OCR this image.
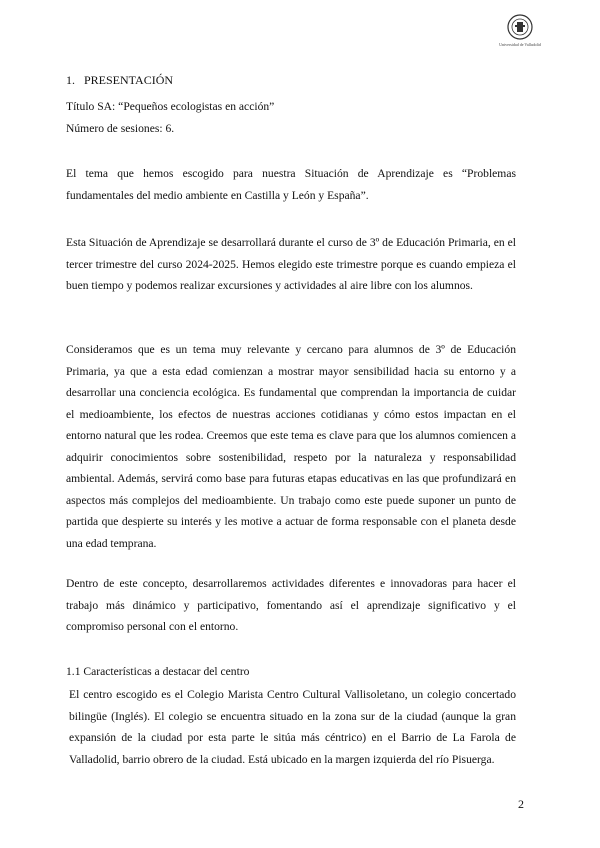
Universidad de Valladolid
1. PRESENTACIÓN
Título SA: “Pequeños ecologistas en acción”
Número de sesiones: 6.

El tema que hemos escogido para nuestra Situación de Aprendizaje es “Problemas fundamentales del medio ambiente en Castilla y León y España”.

Esta Situación de Aprendizaje se desarrollará durante el curso de 3º de Educación Primaria, en el tercer trimestre del curso 2024-2025. Hemos elegido este trimestre porque es cuando empieza el buen tiempo y podemos realizar excursiones y actividades al aire libre con los alumnos.

Consideramos que es un tema muy relevante y cercano para alumnos de 3º de Educación Primaria, ya que a esta edad comienzan a mostrar mayor sensibilidad hacia su entorno y a desarrollar una conciencia ecológica. Es fundamental que comprendan la importancia de cuidar el medioambiente, los efectos de nuestras acciones cotidianas y cómo estos impactan en el entorno natural que les rodea. Creemos que este tema es clave para que los alumnos comiencen a adquirir conocimientos sobre sostenibilidad, respeto por la naturaleza y responsabilidad ambiental. Además, servirá como base para futuras etapas educativas en las que profundizará en aspectos más complejos del medioambiente. Un trabajo como este puede suponer un punto de partida que despierte su interés y les motive a actuar de forma responsable con el planeta desde una edad temprana.

Dentro de este concepto, desarrollaremos actividades diferentes e innovadoras para hacer el trabajo más dinámico y participativo, fomentando así el aprendizaje significativo y el compromiso personal con el entorno.

1.1 Características a destacar del centro

El centro escogido es el Colegio Marista Centro Cultural Vallisoletano, un colegio concertado bilingüe (Inglés). El colegio se encuentra situado en la zona sur de la ciudad (aunque la gran expansión de la ciudad por esta parte le sitúa más céntrico) en el Barrio de La Farola de Valladolid, barrio obrero de la ciudad. Está ubicado en la margen izquierda del río Pisuerga.

2
